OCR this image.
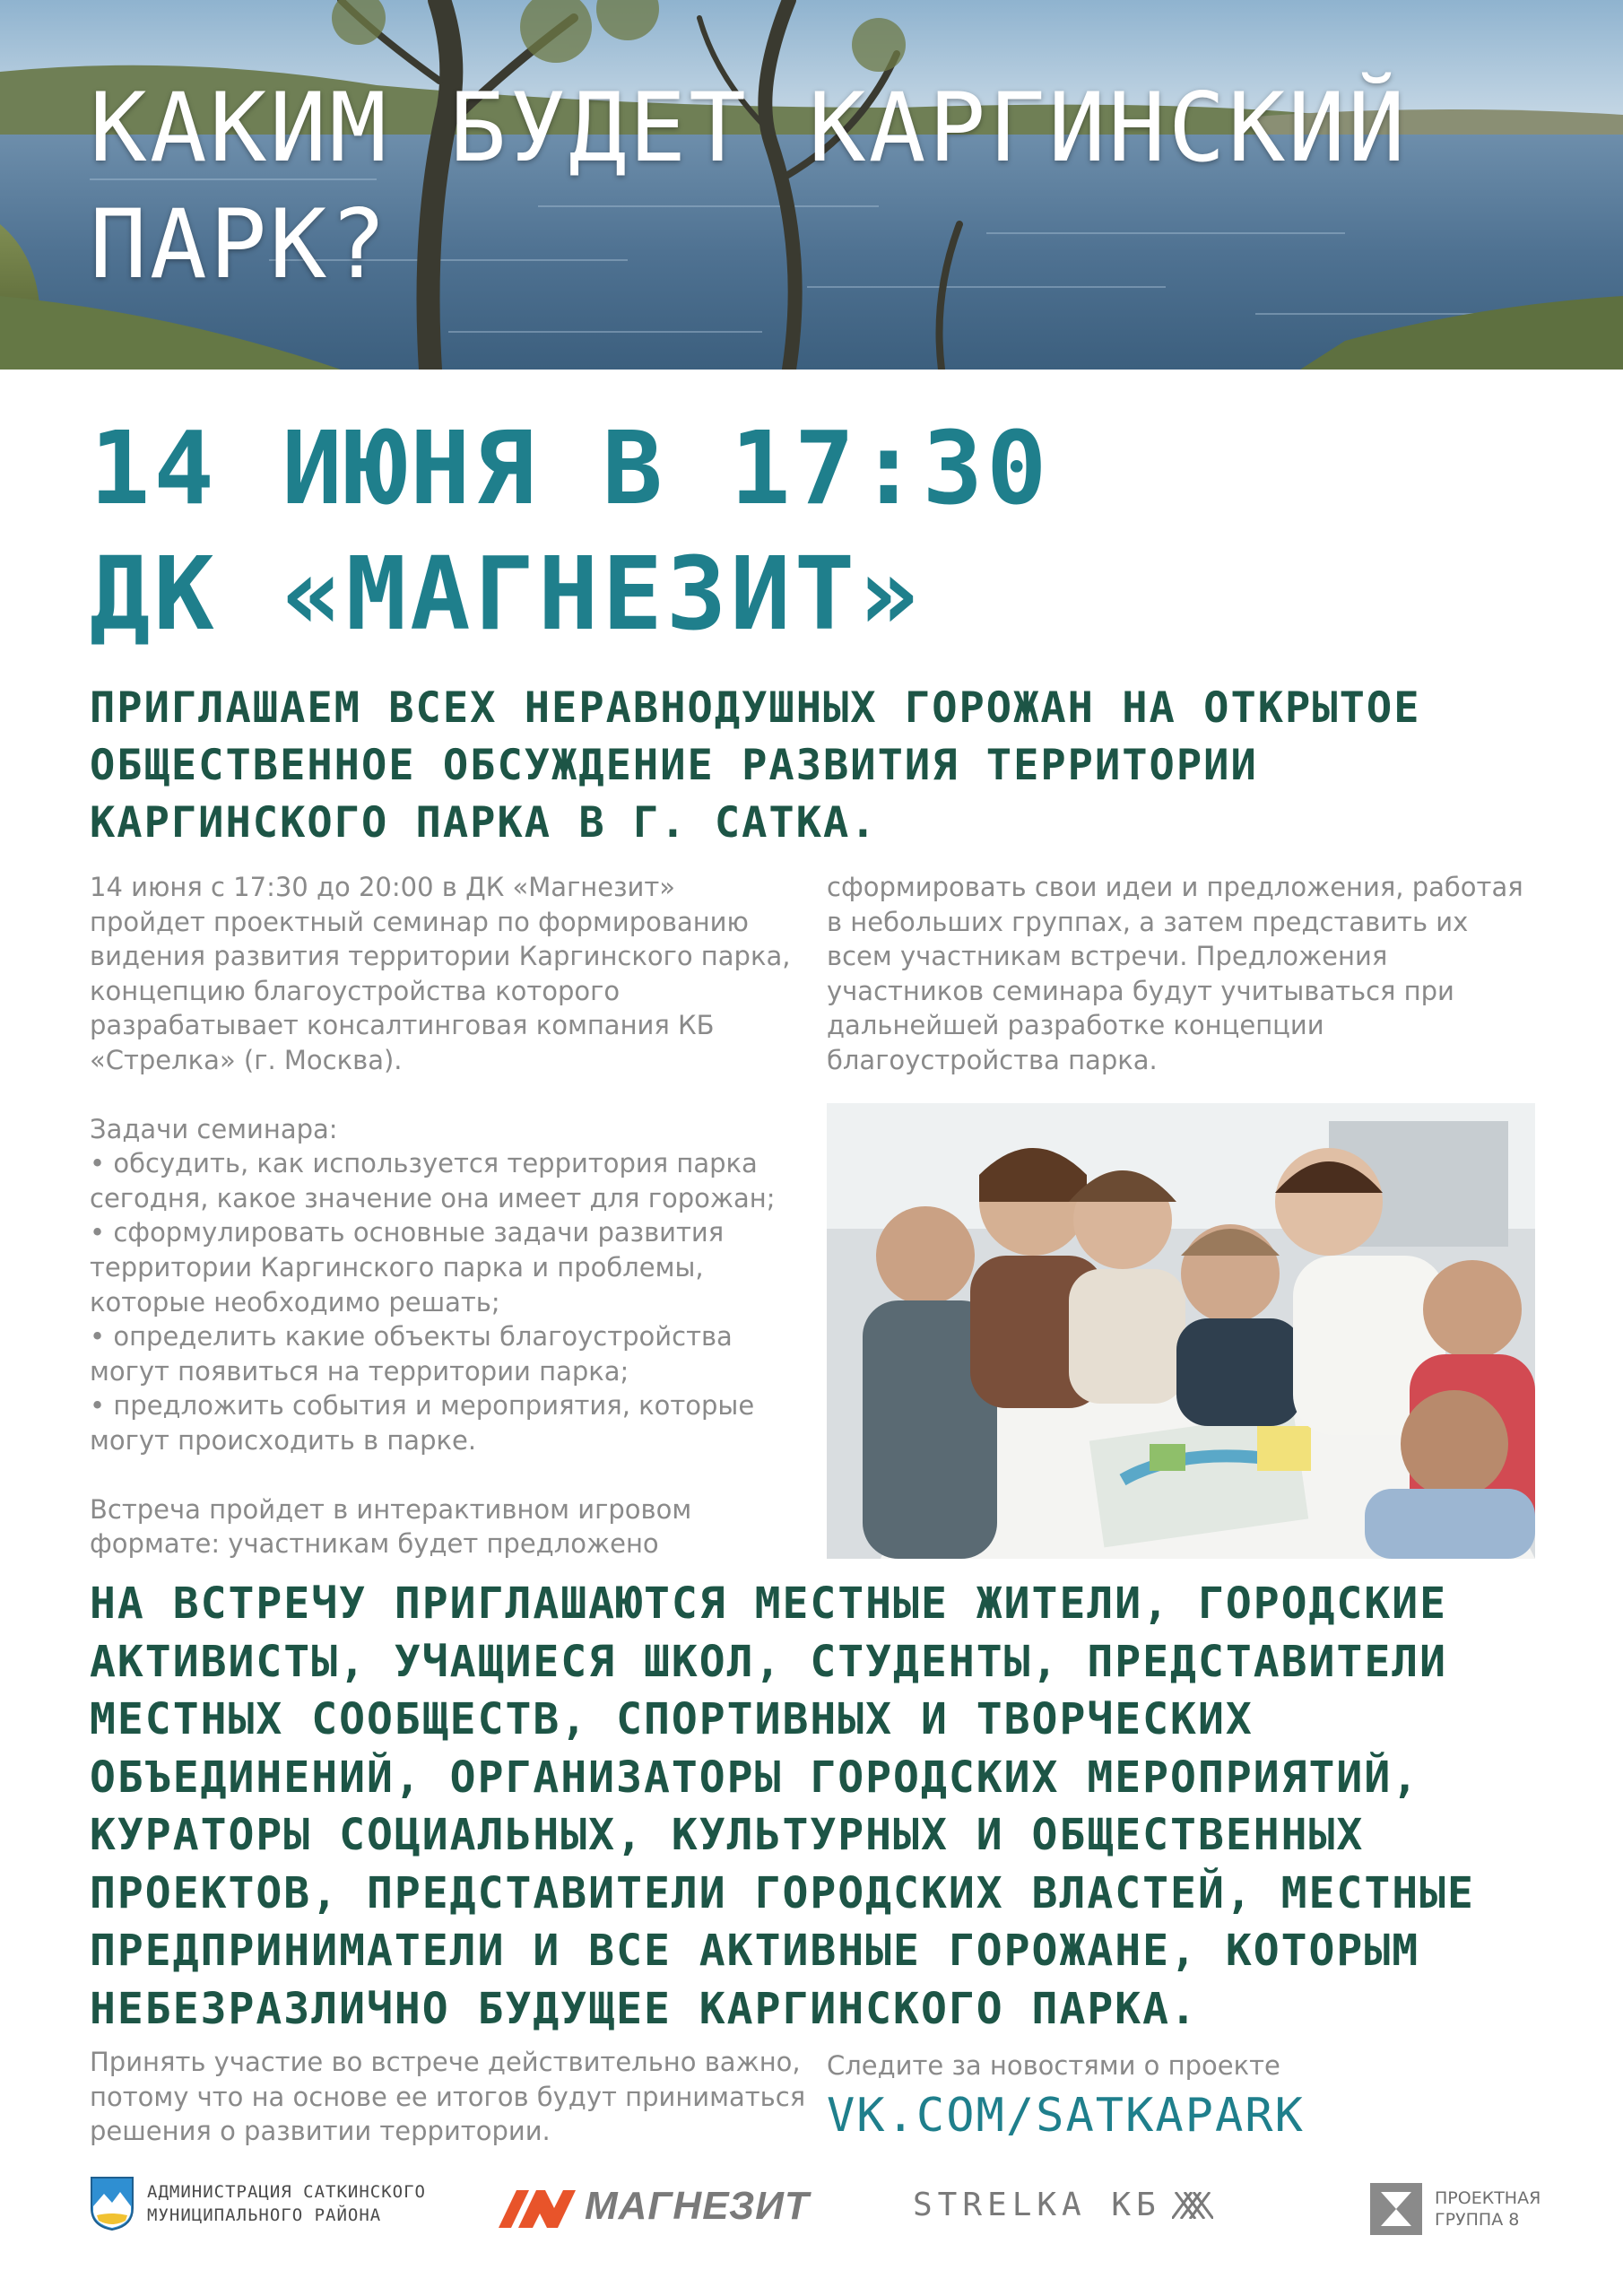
КАКИМ БУДЕТ КАРГИНСКИЙ
ПАРК?
14 ИЮНЯ В 17:30
ДК «МАГНЕЗИТ»

ПРИГЛАШАЕМ ВСЕХ НЕРАВНОДУШНЫХ ГОРОЖАН НА ОТКРЫТОЕ ОБЩЕСТВЕННОЕ ОБСУЖДЕНИЕ РАЗВИТИЯ ТЕРРИТОРИИ КАРГИНСКОГО ПАРКА В Г. САТКА.

14 июня с 17:30 до 20:00 в ДК «Магнезит» пройдет проектный семинар по формированию видения развития территории Каргинского парка, концепцию благоустройства которого разрабатывает консалтинговая компания КБ «Стрелка» (г. Москва).

Задачи семинара:

• обсудить, как используется территория парка сегодня, какое значение она имеет для горожан;
• сформулировать основные задачи развития территории Каргинского парка и проблемы, которые необходимо решать;
• определить какие объекты благоустройства могут появиться на территории парка;
• предложить события и мероприятия, которые могут происходить в парке.

Встреча пройдет в интерактивном игровом формате: участникам будет предложено

сформировать свои идеи и предложения, работая в небольших группах, а затем представить их всем участникам встречи. Предложения участников семинара будут учитываться при дальнейшей разработке концепции благоустройства парка.

НА ВСТРЕЧУ ПРИГЛАШАЮТСЯ МЕСТНЫЕ ЖИТЕЛИ, ГОРОДСКИЕ АКТИВИСТЫ, УЧАЩИЕСЯ ШКОЛ, СТУДЕНТЫ, ПРЕДСТАВИТЕЛИ МЕСТНЫХ СООБЩЕСТВ, СПОРТИВНЫХ И ТВОРЧЕСКИХ ОБЪЕДИНЕНИЙ, ОРГАНИЗАТОРЫ ГОРОДСКИХ МЕРОПРИЯТИЙ, КУРАТОРЫ СОЦИАЛЬНЫХ, КУЛЬТУРНЫХ И ОБЩЕСТВЕННЫХ ПРОЕКТОВ, ПРЕДСТАВИТЕЛИ ГОРОДСКИХ ВЛАСТЕЙ, МЕСТНЫЕ ПРЕДПРИНИМАТЕЛИ И ВСЕ АКТИВНЫЕ ГОРОЖАНЕ, КОТОРЫМ НЕБЕЗРАЗЛИЧНО БУДУЩЕЕ КАРГИНСКОГО ПАРКА.

Принять участие во встрече действительно важно, потому что на основе ее итогов будут приниматься решения о развитии территории.

Следите за новостями о проекте

VK.COM/SATKAPARK
АДМИНИСТРАЦИЯ САТКИНСКОГО
МУНИЦИПАЛЬНОГО РАЙОНА	МАГНЕЗИТ	STRELKA КБ	ПРОЕКТНАЯ
ГРУППА 8
